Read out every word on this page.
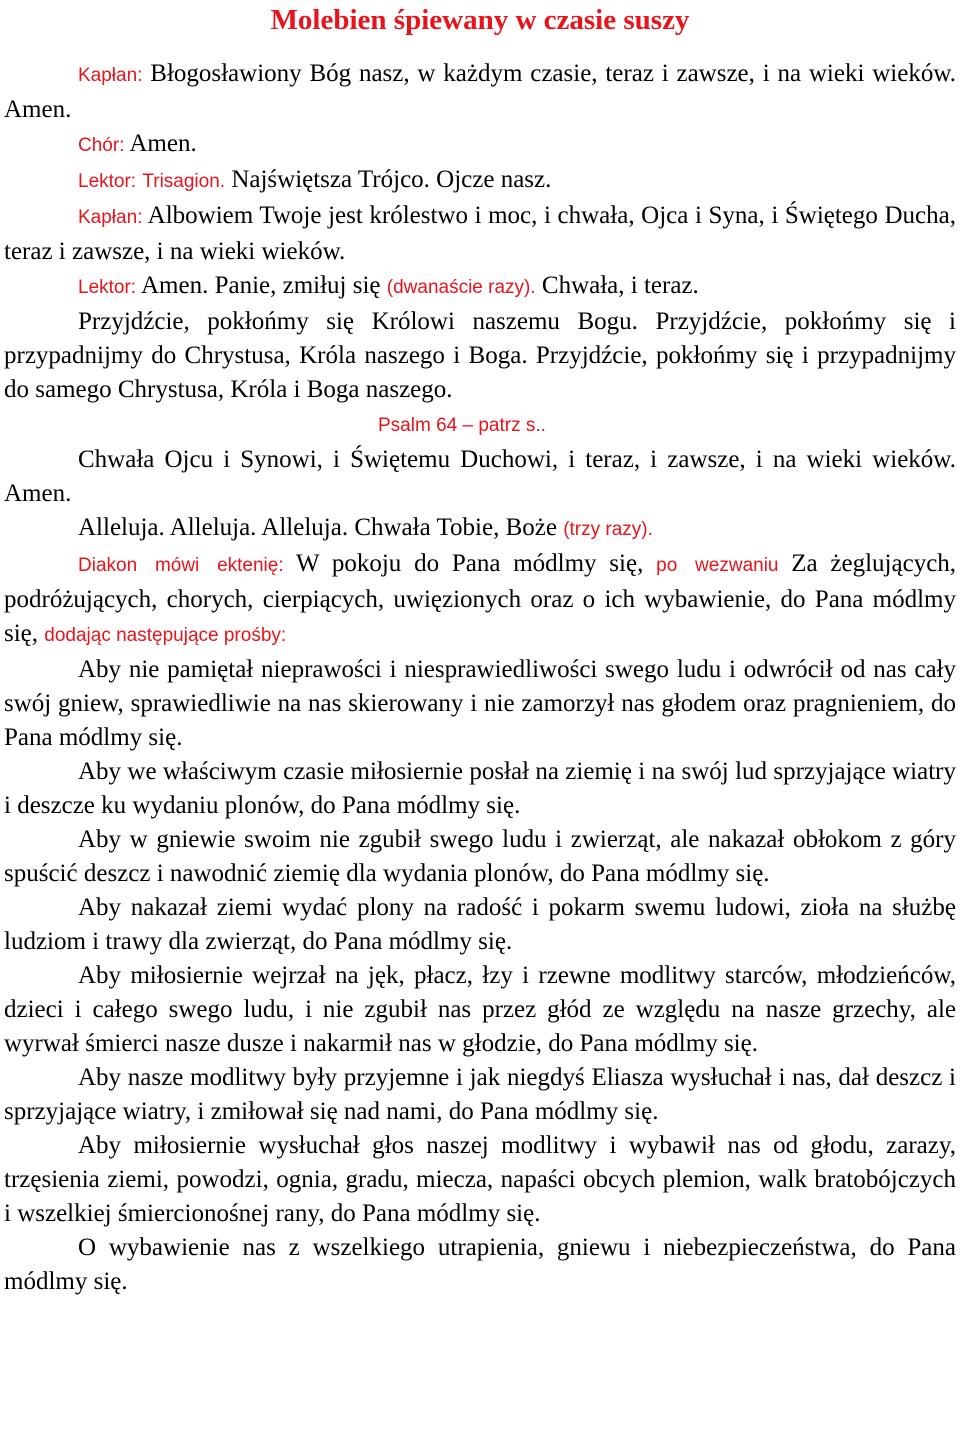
Molebien śpiewany w czasie suszy

Kapłan: Błogosławiony Bóg nasz, w każdym czasie, teraz i zawsze, i na wieki wieków. Amen.

Chór: Amen.

Lektor: Trisagion. Najświętsza Trójco. Ojcze nasz.

Kapłan: Albowiem Twoje jest królestwo i moc, i chwała, Ojca i Syna, i Świętego Ducha, teraz i zawsze, i na wieki wieków.

Lektor: Amen. Panie, zmiłuj się (dwanaście razy). Chwała, i teraz.

Przyjdźcie, pokłońmy się Królowi naszemu Bogu. Przyjdźcie, pokłońmy się i przypadnijmy do Chrystusa, Króla naszego i Boga. Przyjdźcie, pokłońmy się i przypadnijmy do samego Chrystusa, Króla i Boga naszego.

Psalm 64 – patrz s..

Chwała Ojcu i Synowi, i Świętemu Duchowi, i teraz, i zawsze, i na wieki wieków. Amen.

Alleluja. Alleluja. Alleluja. Chwała Tobie, Boże (trzy razy).

Diakon mówi ektenię: W pokoju do Pana módlmy się, po wezwaniu Za żeglujących, podróżujących, chorych, cierpiących, uwięzionych oraz o ich wybawienie, do Pana módlmy się, dodając następujące prośby:

Aby nie pamiętał nieprawości i niesprawiedliwości swego ludu i odwrócił od nas cały swój gniew, sprawiedliwie na nas skierowany i nie zamorzył nas głodem oraz pragnieniem, do Pana módlmy się.

Aby we właściwym czasie miłosiernie posłał na ziemię i na swój lud sprzyjające wiatry i deszcze ku wydaniu plonów, do Pana módlmy się.

Aby w gniewie swoim nie zgubił swego ludu i zwierząt, ale nakazał obłokom z góry spuścić deszcz i nawodnić ziemię dla wydania plonów, do Pana módlmy się.

Aby nakazał ziemi wydać plony na radość i pokarm swemu ludowi, zioła na służbę ludziom i trawy dla zwierząt, do Pana módlmy się.

Aby miłosiernie wejrzał na jęk, płacz, łzy i rzewne modlitwy starców, młodzieńców, dzieci i całego swego ludu, i nie zgubił nas przez głód ze względu na nasze grzechy, ale wyrwał śmierci nasze dusze i nakarmił nas w głodzie, do Pana módlmy się.

Aby nasze modlitwy były przyjemne i jak niegdyś Eliasza wysłuchał i nas, dał deszcz i sprzyjające wiatry, i zmiłował się nad nami, do Pana módlmy się.

Aby miłosiernie wysłuchał głos naszej modlitwy i wybawił nas od głodu, zarazy, trzęsienia ziemi, powodzi, ognia, gradu, miecza, napaści obcych plemion, walk bratobójczych i wszelkiej śmiercionośnej rany, do Pana módlmy się.

O wybawienie nas z wszelkiego utrapienia, gniewu i niebezpieczeństwa, do Pana módlmy się.
